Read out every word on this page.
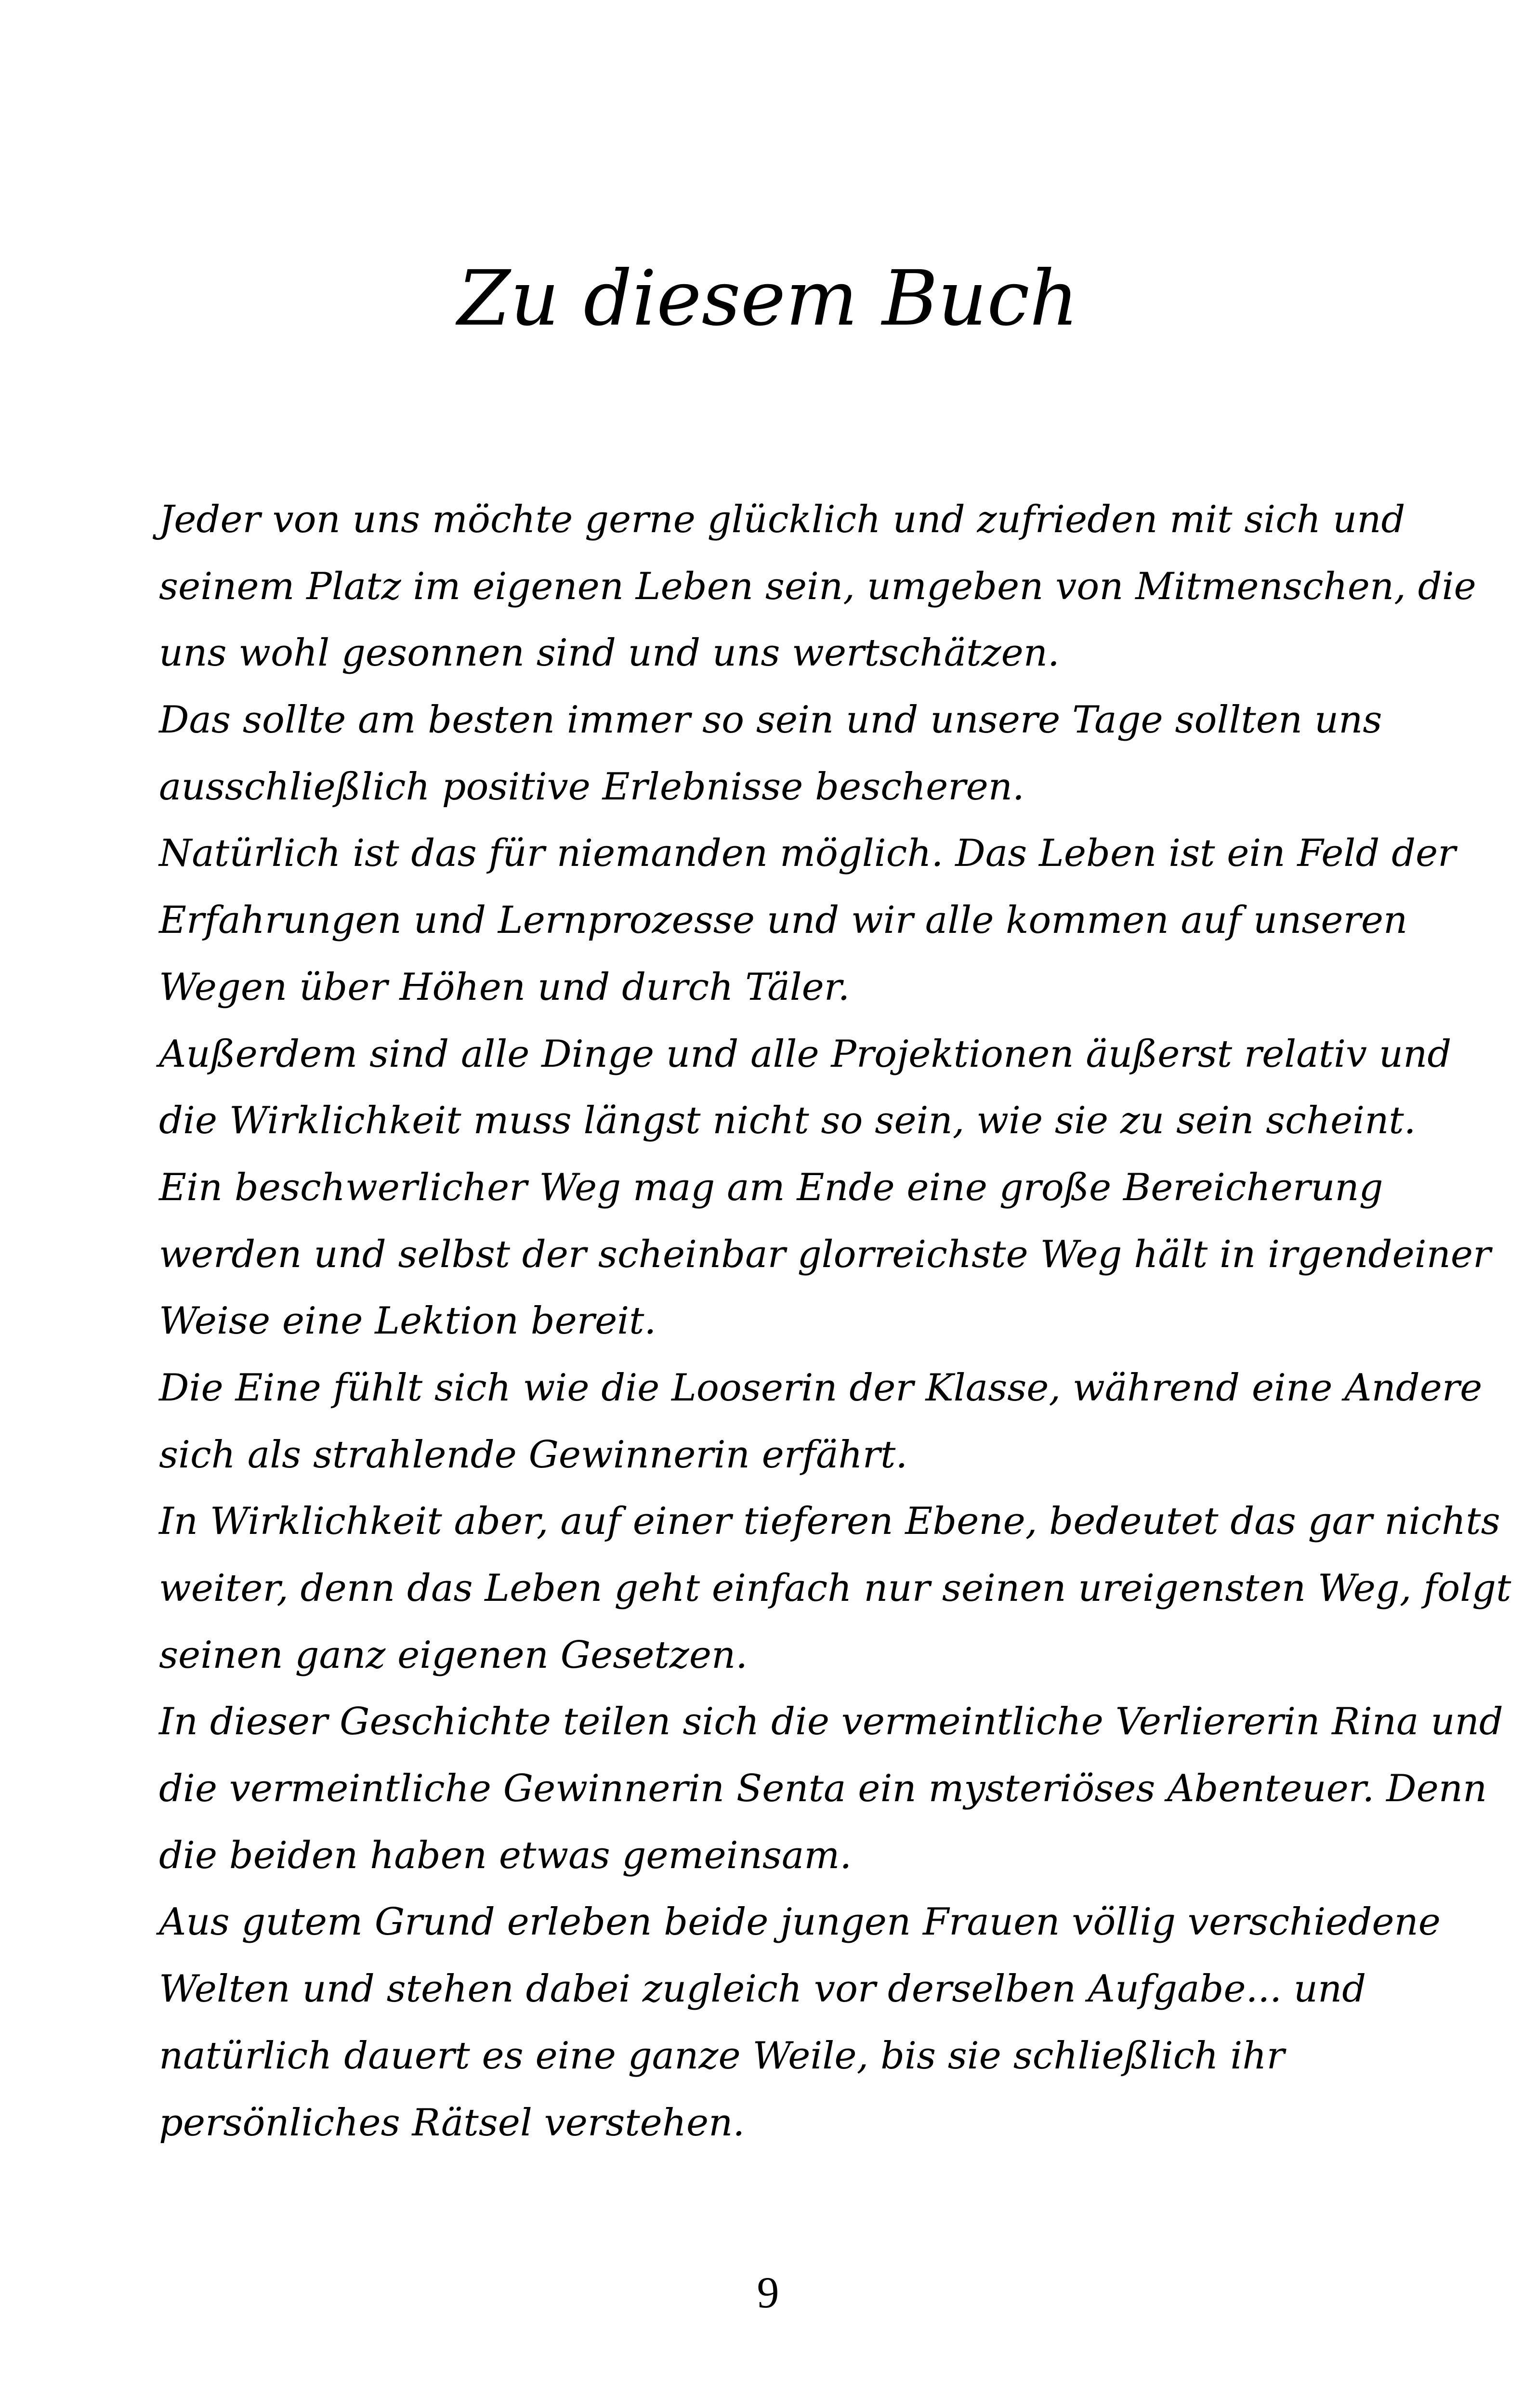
Zu diesem Buch

Jeder von uns möchte gerne glücklich und zufrieden mit sich und

seinem Platz im eigenen Leben sein, umgeben von Mitmenschen, die

uns wohl gesonnen sind und uns wertschätzen.

Das sollte am besten immer so sein und unsere Tage sollten uns

ausschließlich positive Erlebnisse bescheren.

Natürlich ist das für niemanden möglich. Das Leben ist ein Feld der

Erfahrungen und Lernprozesse und wir alle kommen auf unseren

Wegen über Höhen und durch Täler.

Außerdem sind alle Dinge und alle Projektionen äußerst relativ und

die Wirklichkeit muss längst nicht so sein, wie sie zu sein scheint.

Ein beschwerlicher Weg mag am Ende eine große Bereicherung

werden und selbst der scheinbar glorreichste Weg hält in irgendeiner

Weise eine Lektion bereit.

Die Eine fühlt sich wie die Looserin der Klasse, während eine Andere

sich als strahlende Gewinnerin erfährt.

In Wirklichkeit aber, auf einer tieferen Ebene, bedeutet das gar nichts

weiter, denn das Leben geht einfach nur seinen ureigensten Weg, folgt

seinen ganz eigenen Gesetzen.

In dieser Geschichte teilen sich die vermeintliche Verliererin Rina und

die vermeintliche Gewinnerin Senta ein mysteriöses Abenteuer. Denn

die beiden haben etwas gemeinsam.

Aus gutem Grund erleben beide jungen Frauen völlig verschiedene

Welten und stehen dabei zugleich vor derselben Aufgabe... und

natürlich dauert es eine ganze Weile, bis sie schließlich ihr

persönliches Rätsel verstehen.

9
